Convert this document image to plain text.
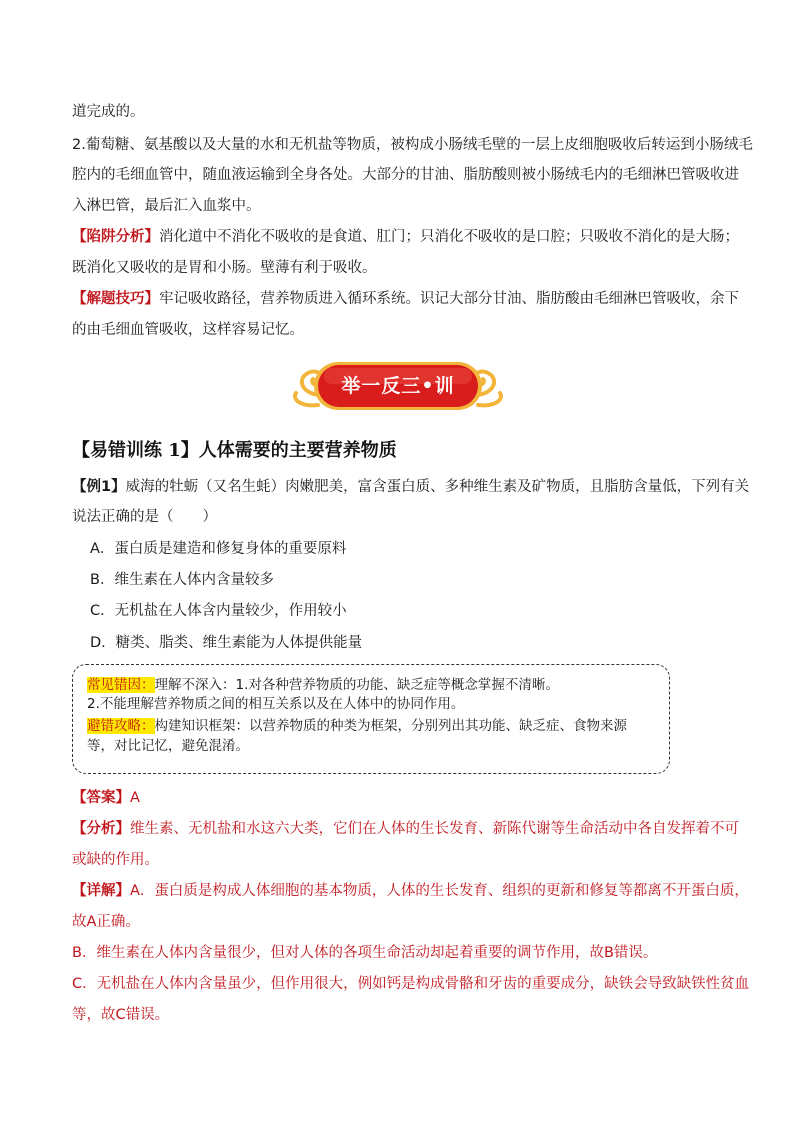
道完成的。
2.葡萄糖、氨基酸以及大量的水和无机盐等物质，被构成小肠绒毛壁的一层上皮细胞吸收后转运到小肠绒毛
腔内的毛细血管中，随血液运输到全身各处。大部分的甘油、脂肪酸则被小肠绒毛内的毛细淋巴管吸收进
入淋巴管，最后汇入血浆中。
【陷阱分析】消化道中不消化不吸收的是食道、肛门；只消化不吸收的是口腔；只吸收不消化的是大肠；
既消化又吸收的是胃和小肠。壁薄有利于吸收。
【解题技巧】牢记吸收路径，营养物质进入循环系统。识记大部分甘油、脂肪酸由毛细淋巴管吸收，余下
的由毛细血管吸收，这样容易记忆。
举一反三•训
【易错训练 1】人体需要的主要营养物质
【例1】威海的牡蛎（又名生蚝）肉嫩肥美，富含蛋白质、多种维生素及矿物质，且脂肪含量低，下列有关
说法正确的是（　　）
A．蛋白质是建造和修复身体的重要原料
B．维生素在人体内含量较多
C．无机盐在人体含内量较少，作用较小
D．糖类、脂类、维生素能为人体提供能量
常见错因：理解不深入：1.对各种营养物质的功能、缺乏症等概念掌握不清晰。
2.不能理解营养物质之间的相互关系以及在人体中的协同作用。
避错攻略：构建知识框架：以营养物质的种类为框架，分别列出其功能、缺乏症、食物来源
等，对比记忆，避免混淆。
【答案】A
【分析】维生素、无机盐和水这六大类，它们在人体的生长发育、新陈代谢等生命活动中各自发挥着不可
或缺的作用。
【详解】A．蛋白质是构成人体细胞的基本物质，人体的生长发育、组织的更新和修复等都离不开蛋白质，
故A正确。
B．维生素在人体内含量很少，但对人体的各项生命活动却起着重要的调节作用，故B错误。
C．无机盐在人体内含量虽少，但作用很大，例如钙是构成骨骼和牙齿的重要成分，缺铁会导致缺铁性贫血
等，故C错误。
